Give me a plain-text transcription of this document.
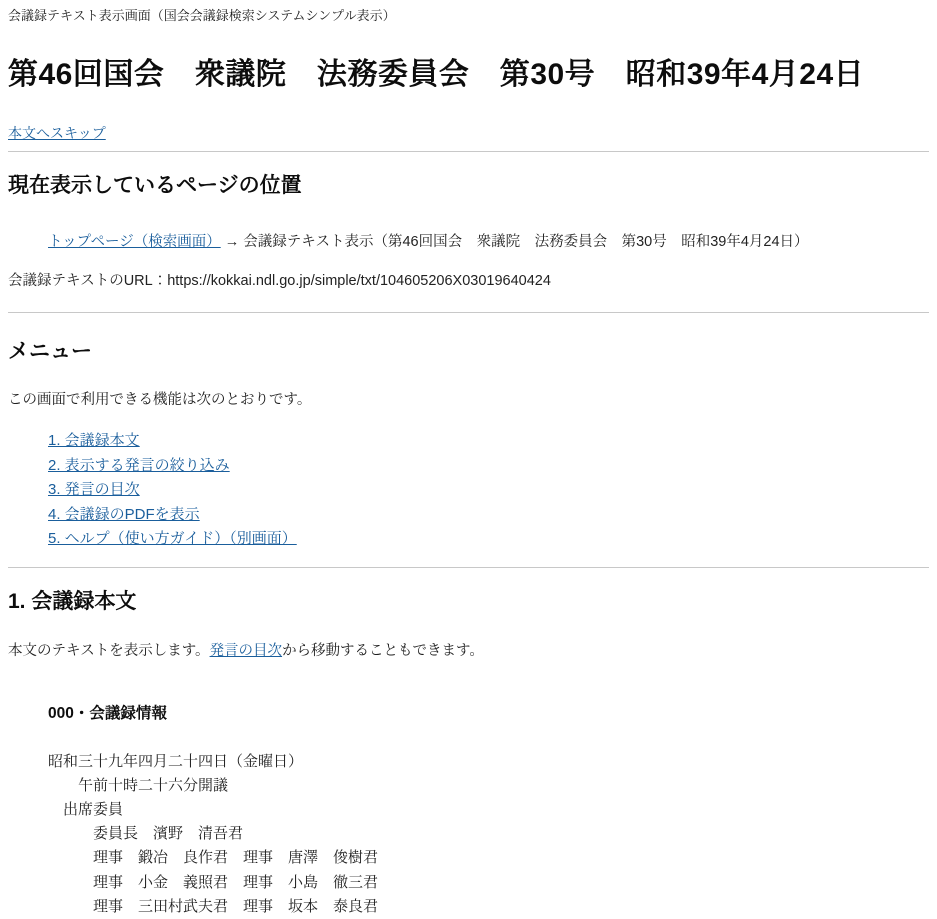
会議録テキスト表示画面（国会会議録検索システムシンプル表示）
第46回国会　衆議院　法務委員会　第30号　昭和39年4月24日
本文へスキップ
現在表示しているページの位置
トップページ（検索画面） → 会議録テキスト表示（第46回国会　衆議院　法務委員会　第30号　昭和39年4月24日）
会議録テキストのURL：https://kokkai.ndl.go.jp/simple/txt/104605206X03019640424
メニュー
この画面で利用できる機能は次のとおりです。
1. 会議録本文
2. 表示する発言の絞り込み
3. 発言の目次
4. 会議録のPDFを表示
5. ヘルプ（使い方ガイド）（別画面）
1. 会議録本文
本文のテキストを表示します。発言の目次から移動することもできます。
000・会議録情報
昭和三十九年四月二十四日（金曜日）
　　午前十時二十六分開議
　出席委員
　　　委員長　濱野　清吾君
　　　理事　鍛冶　良作君　理事　唐澤　俊樹君
　　　理事　小金　義照君　理事　小島　徹三君
　　　理事　三田村武夫君　理事　坂本　泰良君
